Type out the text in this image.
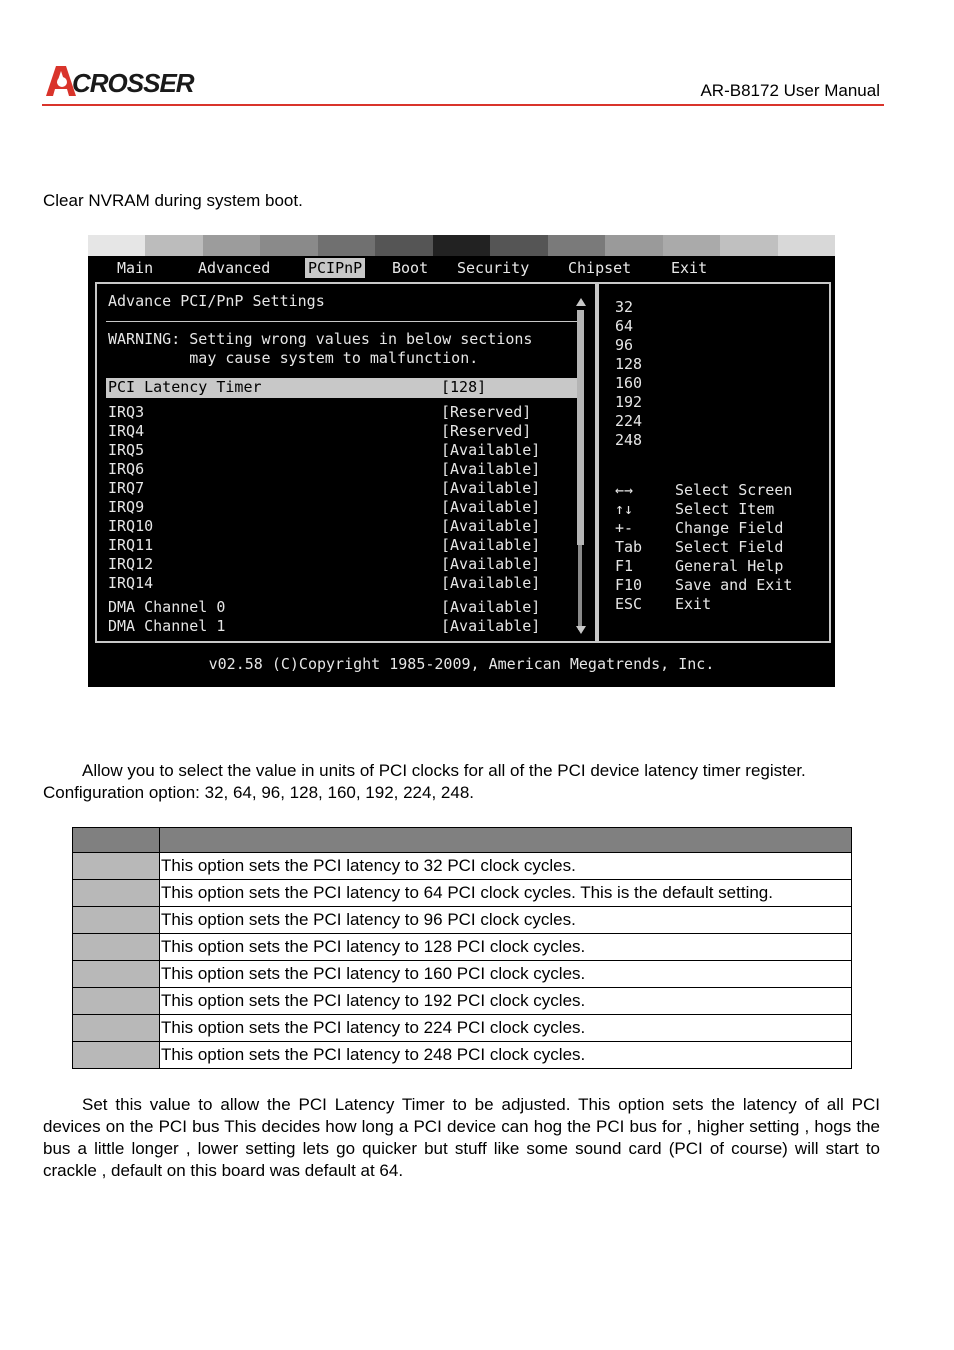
CROSSER	AR-B8172 User Manual
Clear NVRAM during system boot.
Main	Advanced	PCIPnP Boot Security	Chipset	Exit
Advance PCI/PnP Settings
WARNING: Setting wrong values in below sections
may cause system to malfunction.
PCI Latency Timer	[128]
v02.58 (C)Copyright 1985-2009, American Megatrends, Inc.
IRQ3	[Reserved]
IRQ4	[Reserved]
IRQ5	[Available]
IRQ6	[Available]
IRQ7	[Available]
IRQ9	[Available]
IRQ10	[Available]
IRQ11	[Available]
IRQ12	[Available]
IRQ14	[Available]
DMA Channel 0	[Available]
DMA Channel 1	[Available]
32
64
96
128
160
192
224
248
←→	Select Screen
↑↓	Select Item
+-	Change Field
Tab Select Field
F1	General Help
F10 Save and Exit
ESC Exit
Allow you to select the value in units of PCI clocks for all of the PCI device latency timer register. Configuration option: 32, 64, 96, 128, 160, 192, 224, 248.

	This option sets the PCI latency to 32 PCI clock cycles.
	This option sets the PCI latency to 64 PCI clock cycles. This is the default setting.
	This option sets the PCI latency to 96 PCI clock cycles.
	This option sets the PCI latency to 128 PCI clock cycles.
	This option sets the PCI latency to 160 PCI clock cycles.
	This option sets the PCI latency to 192 PCI clock cycles.
	This option sets the PCI latency to 224 PCI clock cycles.
	This option sets the PCI latency to 248 PCI clock cycles.
Set this value to allow the PCI Latency Timer to be adjusted. This option sets the latency of all PCI devices on the PCI bus This decides how long a PCI device can hog the PCI bus for , higher setting , hogs the bus a little longer , lower setting lets go quicker but stuff like some sound card (PCI of course) will start to crackle , default on this board was default at 64.
